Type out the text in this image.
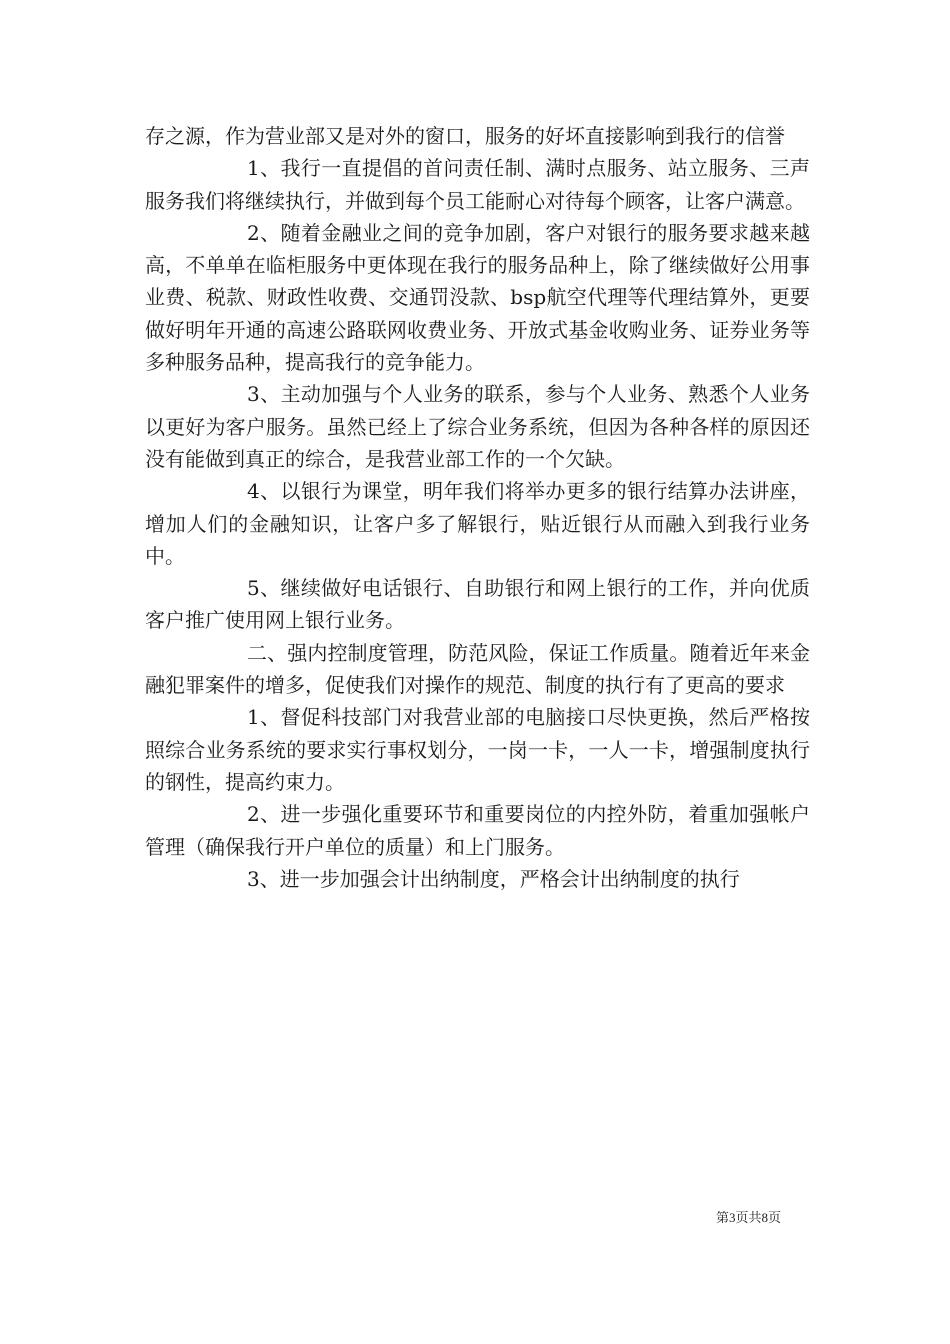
存之源，作为营业部又是对外的窗口，服务的好坏直接影响到我行的信誉

1、我行一直提倡的首问责任制、满时点服务、站立服务、三声服务我们将继续执行，并做到每个员工能耐心对待每个顾客，让客户满意。

2、随着金融业之间的竞争加剧，客户对银行的服务要求越来越高，不单单在临柜服务中更体现在我行的服务品种上，除了继续做好公用事业费、税款、财政性收费、交通罚没款、bsp航空代理等代理结算外，更要做好明年开通的高速公路联网收费业务、开放式基金收购业务、证券业务等多种服务品种，提高我行的竞争能力。

3、主动加强与个人业务的联系，参与个人业务、熟悉个人业务以更好为客户服务。虽然已经上了综合业务系统，但因为各种各样的原因还没有能做到真正的综合，是我营业部工作的一个欠缺。

4、以银行为课堂，明年我们将举办更多的银行结算办法讲座，增加人们的金融知识，让客户多了解银行，贴近银行从而融入到我行业务中。

5、继续做好电话银行、自助银行和网上银行的工作，并向优质客户推广使用网上银行业务。

二、强内控制度管理，防范风险，保证工作质量。随着近年来金融犯罪案件的增多，促使我们对操作的规范、制度的执行有了更高的要求

1、督促科技部门对我营业部的电脑接口尽快更换，然后严格按照综合业务系统的要求实行事权划分，一岗一卡，一人一卡，增强制度执行的钢性，提高约束力。

2、进一步强化重要环节和重要岗位的内控外防，着重加强帐户管理（确保我行开户单位的质量）和上门服务。

3、进一步加强会计出纳制度，严格会计出纳制度的执行

第3页共8页
